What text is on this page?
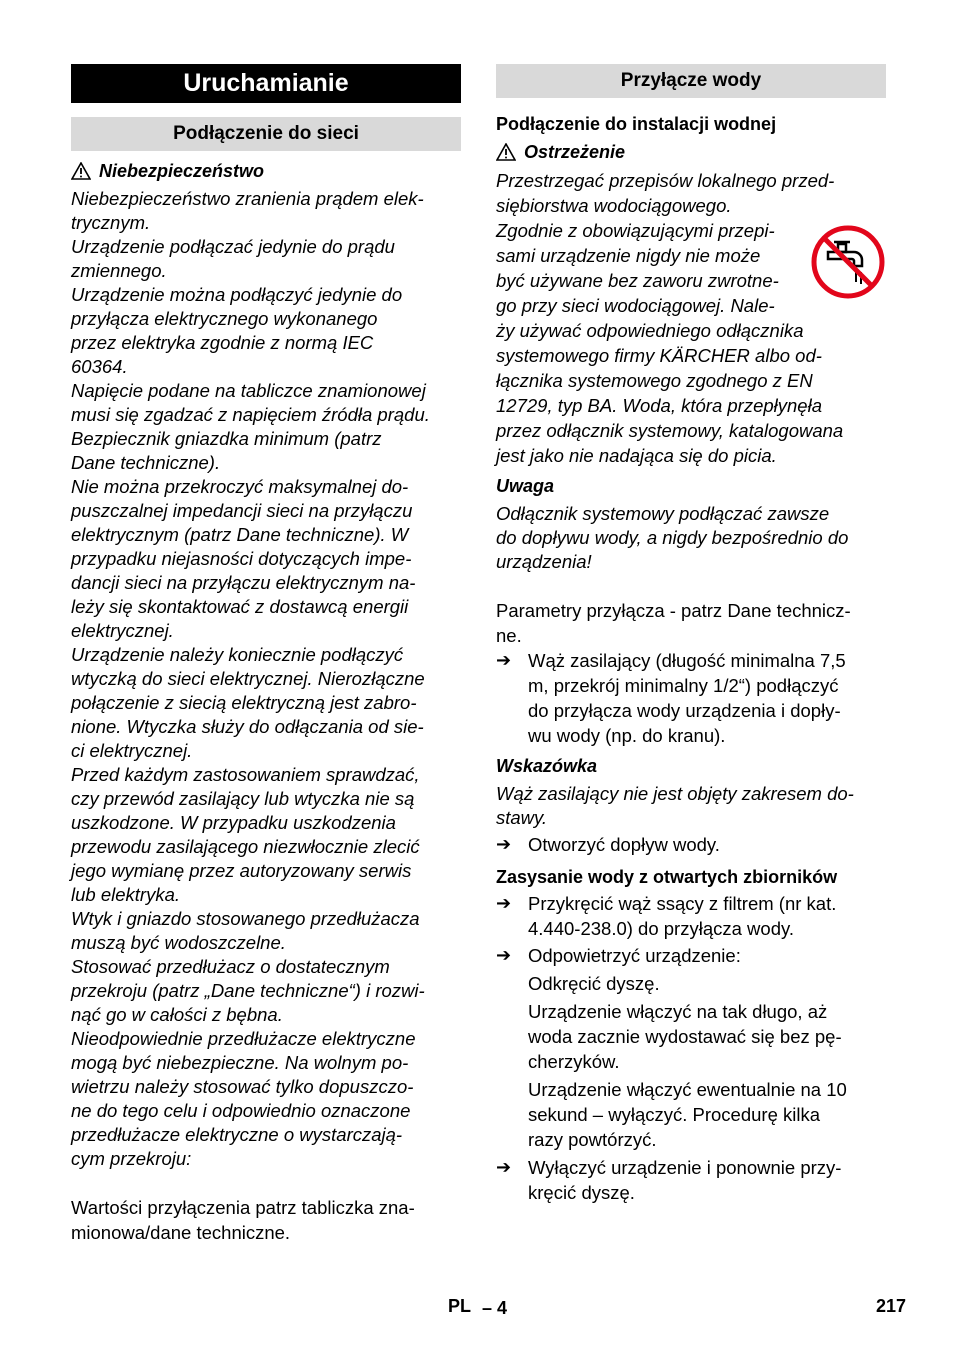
Uruchamianie
Podłączenie do sieci
Niebezpieczeństwo
Niebezpieczeństwo zranienia prądem elek-
trycznym.
Urządzenie podłączać jedynie do prądu
zmiennego.
Urządzenie można podłączyć jedynie do
przyłącza elektrycznego wykonanego
przez elektryka zgodnie z normą IEC
60364.
Napięcie podane na tabliczce znamionowej
musi się zgadzać z napięciem źródła prądu.
Bezpiecznik gniazdka minimum (patrz
Dane techniczne).
Nie można przekroczyć maksymalnej do-
puszczalnej impedancji sieci na przyłączu
elektrycznym (patrz Dane techniczne). W
przypadku niejasności dotyczących impe-
dancji sieci na przyłączu elektrycznym na-
leży się skontaktować z dostawcą energii
elektrycznej.
Urządzenie należy koniecznie podłączyć
wtyczką do sieci elektrycznej. Nierozłączne
połączenie z siecią elektryczną jest zabro-
nione. Wtyczka służy do odłączania od sie-
ci elektrycznej.
Przed każdym zastosowaniem sprawdzać,
czy przewód zasilający lub wtyczka nie są
uszkodzone. W przypadku uszkodzenia
przewodu zasilającego niezwłocznie zlecić
jego wymianę przez autoryzowany serwis
lub elektryka.
Wtyk i gniazdo stosowanego przedłużacza
muszą być wodoszczelne.
Stosować przedłużacz o dostatecznym
przekroju (patrz „Dane techniczne“) i rozwi-
nąć go w całości z bębna.
Nieodpowiednie przedłużacze elektryczne
mogą być niebezpieczne. Na wolnym po-
wietrzu należy stosować tylko dopuszczo-
ne do tego celu i odpowiednio oznaczone
przedłużacze elektryczne o wystarczają-
cym przekroju:
Wartości przyłączenia patrz tabliczka zna-
mionowa/dane techniczne.
Przyłącze wody
Podłączenie do instalacji wodnej
Ostrzeżenie
Przestrzegać przepisów lokalnego przed-
siębiorstwa wodociągowego.
Zgodnie z obowiązującymi przepi-
sami urządzenie nigdy nie może
być używane bez zaworu zwrotne-
go przy sieci wodociągowej. Nale-
ży używać odpowiedniego odłącznika
systemowego firmy KÄRCHER albo od-
łącznika systemowego zgodnego z EN
12729, typ BA. Woda, która przepłynęła
przez odłącznik systemowy, katalogowana
jest jako nie nadająca się do picia.
Uwaga
Odłącznik systemowy podłączać zawsze
do dopływu wody, a nigdy bezpośrednio do
urządzenia!
Parametry przyłącza - patrz Dane technicz-
ne.
➔ Wąż zasilający (długość minimalna 7,5
m, przekrój minimalny 1/2“) podłączyć
do przyłącza wody urządzenia i dopły-
wu wody (np. do kranu).
Wskazówka
Wąż zasilający nie jest objęty zakresem do-
stawy.
➔ Otworzyć dopływ wody.
Zasysanie wody z otwartych zbiorników
➔ Przykręcić wąż ssący z filtrem (nr kat.
4.440-238.0) do przyłącza wody.
➔ Odpowietrzyć urządzenie:
Odkręcić dyszę.
Urządzenie włączyć na tak długo, aż
woda zacznie wydostawać się bez pę-
cherzyków.
Urządzenie włączyć ewentualnie na 10
sekund – wyłączyć. Procedurę kilka
razy powtórzyć.
➔ Wyłączyć urządzenie i ponownie przy-
kręcić dyszę.
PL – 4	217
